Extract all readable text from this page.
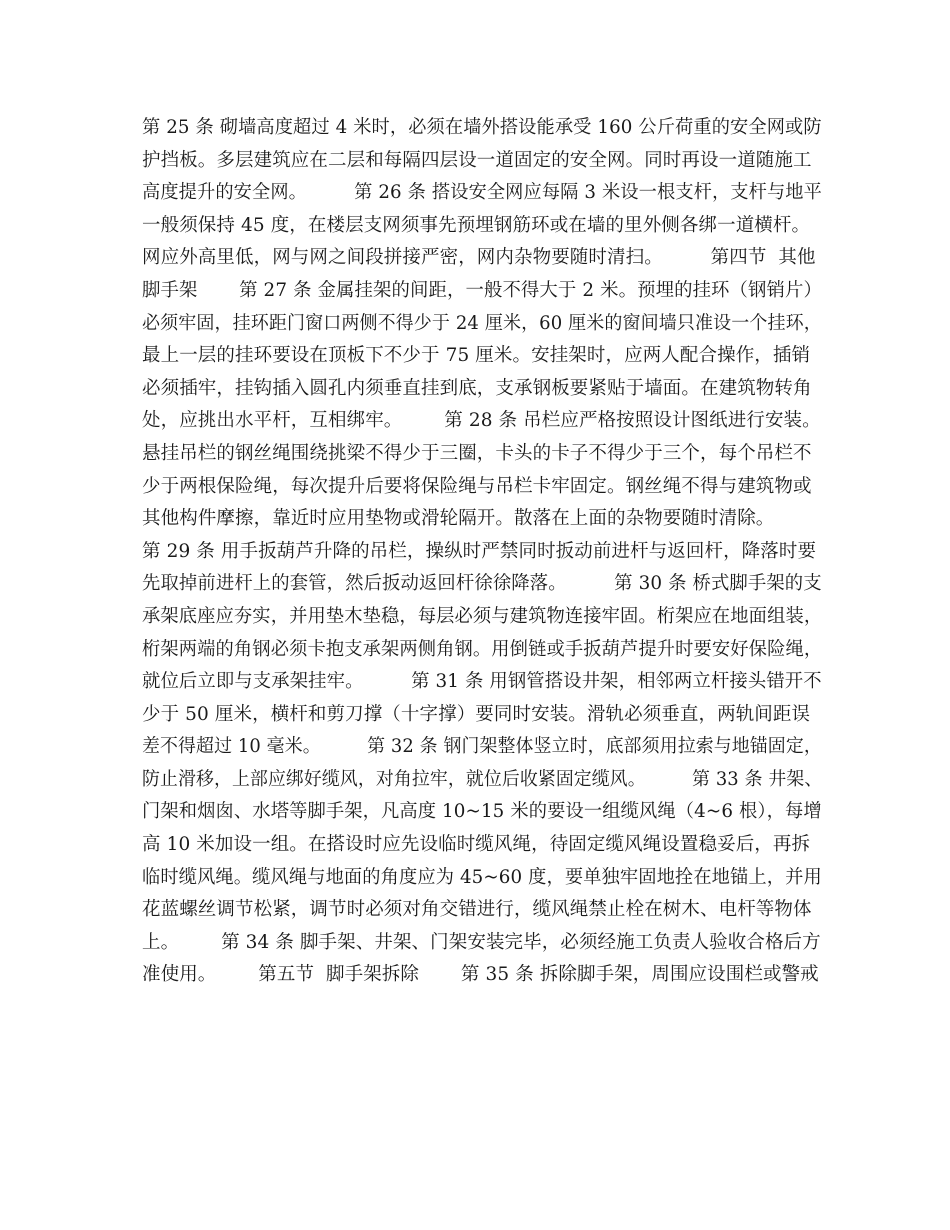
第 25 条 砌墙高度超过 4 米时，必须在墙外搭设能承受 160 公斤荷重的安全网或防
护挡板。多层建筑应在二层和每隔四层设一道固定的安全网。同时再设一道随施工
高度提升的安全网。        第 26 条 搭设安全网应每隔 3 米设一根支杆，支杆与地平
一般须保持 45 度，在楼层支网须事先预埋钢筋环或在墙的里外侧各绑一道横杆。
网应外高里低，网与网之间段拼接严密，网内杂物要随时清扫。        第四节  其他
脚手架       第 27 条 金属挂架的间距，一般不得大于 2 米。预埋的挂环（钢销片）
必须牢固，挂环距门窗口两侧不得少于 24 厘米，60 厘米的窗间墙只准设一个挂环，
最上一层的挂环要设在顶板下不少于 75 厘米。安挂架时，应两人配合操作，插销
必须插牢，挂钩插入圆孔内须垂直挂到底，支承钢板要紧贴于墙面。在建筑物转角
处，应挑出水平杆，互相绑牢。       第 28 条 吊栏应严格按照设计图纸进行安装。
悬挂吊栏的钢丝绳围绕挑梁不得少于三圈，卡头的卡子不得少于三个，每个吊栏不
少于两根保险绳，每次提升后要将保险绳与吊栏卡牢固定。钢丝绳不得与建筑物或
其他构件摩擦，靠近时应用垫物或滑轮隔开。散落在上面的杂物要随时清除。
第 29 条 用手扳葫芦升降的吊栏，操纵时严禁同时扳动前进杆与返回杆，降落时要
先取掉前进杆上的套管，然后扳动返回杆徐徐降落。        第 30 条 桥式脚手架的支
承架底座应夯实，并用垫木垫稳，每层必须与建筑物连接牢固。桁架应在地面组装，
桁架两端的角钢必须卡抱支承架两侧角钢。用倒链或手扳葫芦提升时要安好保险绳，
就位后立即与支承架挂牢。        第 31 条 用钢管搭设井架，相邻两立杆接头错开不
少于 50 厘米，横杆和剪刀撑（十字撑）要同时安装。滑轨必须垂直，两轨间距误
差不得超过 10 毫米。        第 32 条 钢门架整体竖立时，底部须用拉索与地锚固定，
防止滑移，上部应绑好缆风，对角拉牢，就位后收紧固定缆风。        第 33 条 井架、
门架和烟囱、水塔等脚手架，凡高度 10~15 米的要设一组缆风绳（4~6 根），每增
高 10 米加设一组。在搭设时应先设临时缆风绳，待固定缆风绳设置稳妥后，再拆
临时缆风绳。缆风绳与地面的角度应为 45~60 度，要单独牢固地拴在地锚上，并用
花蓝螺丝调节松紧，调节时必须对角交错进行，缆风绳禁止栓在树木、电杆等物体
上。       第 34 条 脚手架、井架、门架安装完毕，必须经施工负责人验收合格后方
准使用。       第五节  脚手架拆除       第 35 条 拆除脚手架，周围应设围栏或警戒
